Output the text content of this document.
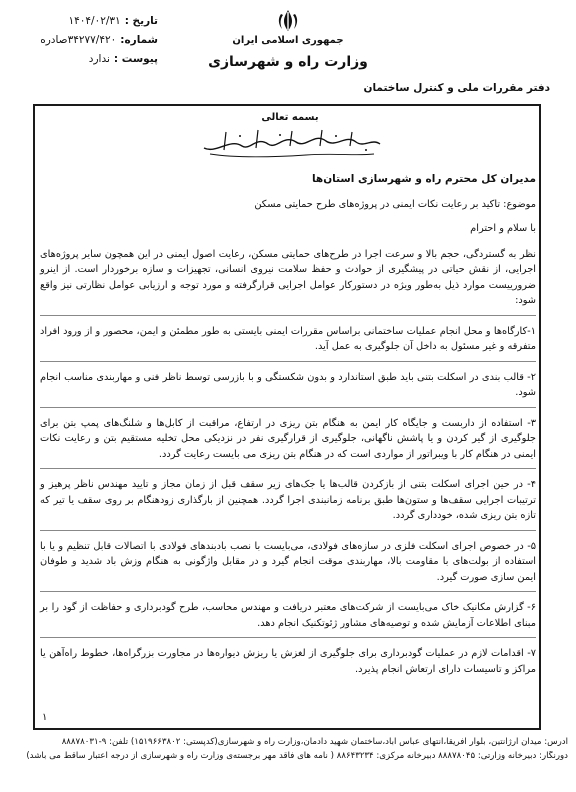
تاریخ :
۱۴۰۴/۰۲/۳۱
شماره:
۳۴۲۷۷/۴۲۰صادره
پیوست :
ندارد
جمهوری اسلامی ایران
وزارت راه و شهرسازی
دفتر مقررات ملی و کنترل ساختمان
بسمه تعالی

مدیران کل محترم راه و شهرسازی استان‌ها

موضوع: تاکید بر رعایت نکات ایمنی در پروژه‌های طرح حمایتی مسکن

با سلام و احترام

نظر به گستردگی، حجم بالا و سرعت اجرا در طرح‌های حمایتی مسکن، رعایت اصول ایمنی در این همچون سایر پروژه‌های اجرایی، از نقش حیاتی در پیشگیری از حوادث و حفظ سلامت نیروی انسانی، تجهیزات و سازه برخوردار است. از اینرو ضرورییست موارد ذیل به‌طور ویژه در دستورکار عوامل اجرایی قرارگرفته و مورد توجه و ارزیابی عوامل نظارتی نیز واقع شود:

۱-کارگاه‌ها و محل انجام عملیات ساختمانی براساس مقررات ایمنی بایستی به طور مطمئن و ایمن، محصور و از ورود افراد متفرقه و غیر مسئول به داخل آن جلوگیری به عمل آید.

۲- قالب بندی در اسکلت بتنی باید طبق استاندارد و بدون شکستگی و با بازرسی توسط ناظر فنی و مهاربندی مناسب انجام شود.

۳- استفاده از داربست و جایگاه کار ایمن به هنگام بتن ریزی در ارتفاع، مراقبت از کابل‌ها و شلنگ‌های پمپ بتن برای جلوگیری از گیر کردن و یا پاشش ناگهانی، جلوگیری از قرارگیری نفر در نزدیکی محل تخلیه مستقیم بتن و رعایت نکات ایمنی در هنگام کار با ویبراتور از مواردی است که در هنگام بتن ریزی می بایست رعایت گردد.

۴- در حین اجرای اسکلت بتنی از بازکردن قالب‌ها یا جک‌های زیر سقف قبل از زمان مجاز و تایید مهندس ناظر پرهیز و ترتیبات اجرایی سقف‌ها و ستون‌ها طبق برنامه زمانبندی اجرا گردد. همچنین از بارگذاری زودهنگام بر روی سقف یا تیر که تازه بتن ریزی شده، خودداری گردد.

۵- در خصوص اجرای اسکلت فلزی در سازه‌های فولادی، می‌بایست با نصب بادبندهای فولادی با اتصالات قابل تنظیم و یا با استفاده از بولت‌های با مقاومت بالا، مهاربندی موقت انجام گیرد و در مقابل واژگونی به هنگام وزش باد شدید و طوفان ایمن سازی صورت گیرد.

۶- گزارش مکانیک خاک می‌بایست از شرکت‌های معتبر دریافت و مهندس محاسب، طرح گودبرداری و حفاظت از گود را بر مبنای اطلاعات آزمایش شده و توصیه‌های مشاور ژئوتکنیک انجام دهد.

۷- اقدامات لازم در عملیات گودبرداری برای جلوگیری از لغزش یا ریزش دیواره‌ها در مجاورت بزرگراه‌ها، خطوط راه‌آهن یا مراکز و تاسیسات دارای ارتعاش انجام پذیرد.

۱
آدرس: میدان آرژانتین، بلوار افریقا،انتهای عباس آباد،ساختمان شهید دادمان،وزارت راه و شهرسازی(کدپستی: ۱۵۱۹۶۶۳۸۰۲) تلفن: ۹-۸۸۸۷۸۰۳۱
دورنگار: دبیرخانه وزارتی: ۸۸۸۷۸۰۴۵ دبیرخانه مرکزی: ۸۸۶۴۳۲۳۴ ( نامه های فاقد مهر برجسته‌ی وزارت راه و شهرسازی از درجه اعتبار ساقط می باشد)
